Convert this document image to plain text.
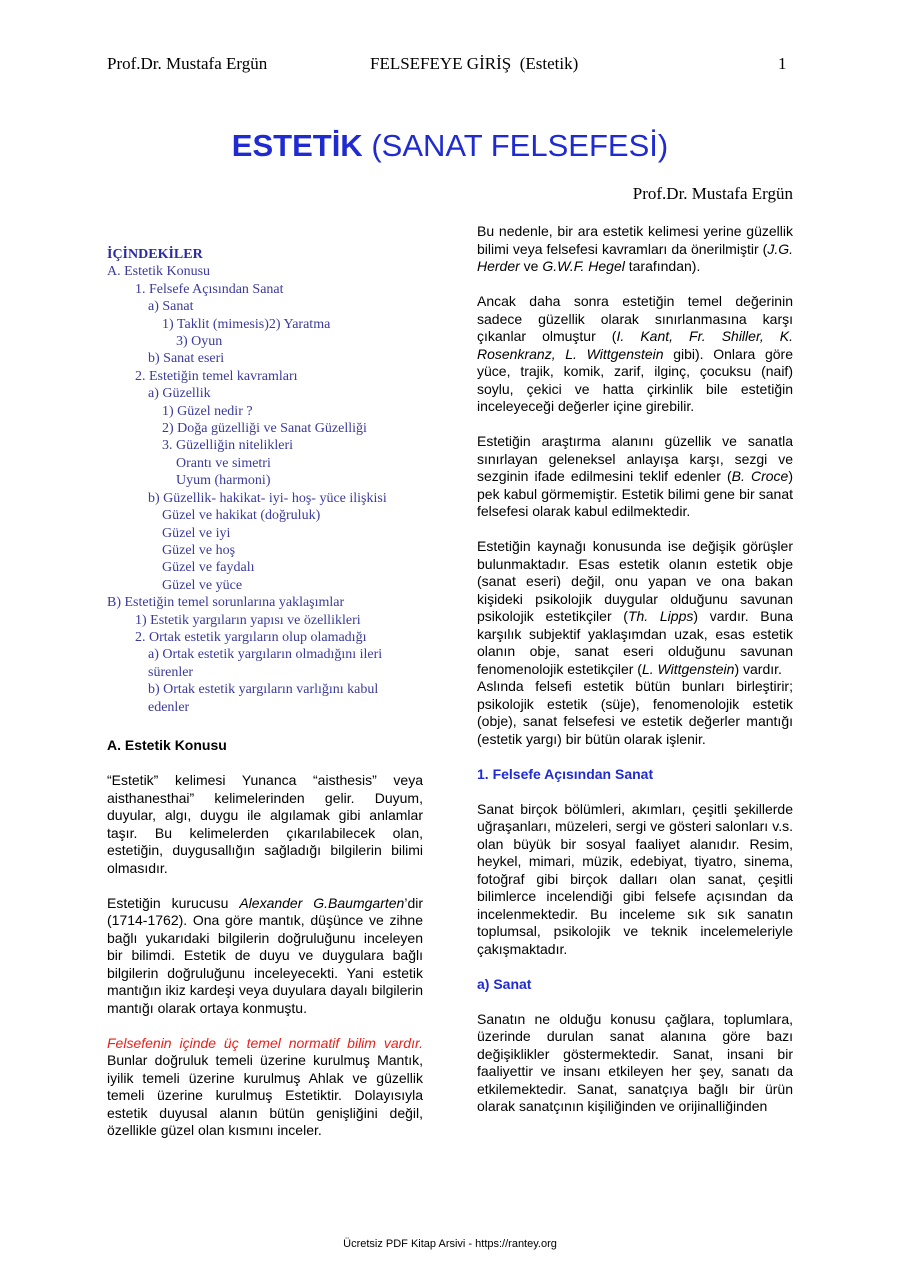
Prof.Dr. Mustafa Ergün	FELSEFEYE GİRİŞ  (Estetik)	1
ESTETİK (SANAT FELSEFESİ)
Prof.Dr. Mustafa Ergün
İÇİNDEKİLER
A. Estetik Konusu
1. Felsefe Açısından Sanat
a) Sanat
1) Taklit (mimesis)2) Yaratma
3) Oyun
b) Sanat eseri
2. Estetiğin temel kavramları
a) Güzellik
1) Güzel nedir ?
2) Doğa güzelliği ve Sanat Güzelliği
3. Güzelliğin nitelikleri
Orantı ve simetri
Uyum (harmoni)
b) Güzellik- hakikat- iyi- hoş- yüce ilişkisi
Güzel ve hakikat (doğruluk)
Güzel ve iyi
Güzel ve hoş
Güzel ve faydalı
Güzel ve yüce
B) Estetiğin temel sorunlarına yaklaşımlar
1) Estetik yargıların yapısı ve özellikleri
2. Ortak estetik yargıların olup olamadığı
a) Ortak estetik yargıların olmadığını ileri
sürenler
b) Ortak estetik yargıların varlığını kabul
edenler

A. Estetik Konusu

“Estetik” kelimesi Yunanca “aisthesis” veya aisthanesthai” kelimelerinden gelir. Duyum, duyular, algı, duygu ile algılamak gibi anlamlar taşır. Bu kelimelerden çıkarılabilecek olan, estetiğin, duygusallığın sağladığı bilgilerin bilimi olmasıdır.

Estetiğin kurucusu Alexander G.Baumgarten’dir (1714-1762). Ona göre mantık, düşünce ve zihne bağlı yukarıdaki bilgilerin doğruluğunu inceleyen bir bilimdi. Estetik de duyu ve duygulara bağlı bilgilerin doğruluğunu inceleyecekti. Yani estetik mantığın ikiz kardeşi veya duyulara dayalı bilgilerin mantığı olarak ortaya konmuştu.

Felsefenin içinde üç temel normatif bilim vardır. Bunlar doğruluk temeli üzerine kurulmuş Mantık, iyilik temeli üzerine kurulmuş Ahlak ve güzellik temeli üzerine kurulmuş Estetiktir. Dolayısıyla estetik duyusal alanın bütün genişliğini değil, özellikle güzel olan kısmını inceler.

Bu nedenle, bir ara estetik kelimesi yerine güzellik bilimi veya felsefesi kavramları da önerilmiştir (J.G. Herder ve G.W.F. Hegel tarafından).

Ancak daha sonra estetiğin temel değerinin sadece güzellik olarak sınırlanmasına karşı çıkanlar olmuştur (I. Kant, Fr. Shiller, K. Rosenkranz, L. Wittgenstein gibi). Onlara göre yüce, trajik, komik, zarif, ilginç, çocuksu (naif) soylu, çekici ve hatta çirkinlik bile estetiğin inceleyeceği değerler içine girebilir.

Estetiğin araştırma alanını güzellik ve sanatla sınırlayan geleneksel anlayışa karşı, sezgi ve sezginin ifade edilmesini teklif edenler (B. Croce) pek kabul görmemiştir. Estetik bilimi gene bir sanat felsefesi olarak kabul edilmektedir.

Estetiğin kaynağı konusunda ise değişik görüşler bulunmaktadır. Esas estetik olanın estetik obje (sanat eseri) değil, onu yapan ve ona bakan kişideki psikolojik duygular olduğunu savunan psikolojik estetikçiler (Th. Lipps) vardır. Buna karşılık subjektif yaklaşımdan uzak, esas estetik olanın obje, sanat eseri olduğunu savunan fenomenolojik estetikçiler (L. Wittgenstein) vardır.

Aslında felsefi estetik bütün bunları birleştirir; psikolojik estetik (süje), fenomenolojik estetik (obje), sanat felsefesi ve estetik değerler mantığı (estetik yargı) bir bütün olarak işlenir.

1. Felsefe Açısından Sanat

Sanat birçok bölümleri, akımları, çeşitli şekillerde uğraşanları, müzeleri, sergi ve gösteri salonları v.s. olan büyük bir sosyal faaliyet alanıdır. Resim, heykel, mimari, müzik, edebiyat, tiyatro, sinema, fotoğraf gibi birçok dalları olan sanat, çeşitli bilimlerce incelendiği gibi felsefe açısından da incelenmektedir. Bu inceleme sık sık sanatın toplumsal, psikolojik ve teknik incelemeleriyle çakışmaktadır.

a) Sanat

Sanatın ne olduğu konusu çağlara, toplumlara, üzerinde durulan sanat alanına göre bazı değişiklikler göstermektedir. Sanat, insani bir faaliyettir ve insanı etkileyen her şey, sanatı da etkilemektedir. Sanat, sanatçıya bağlı bir ürün olarak sanatçının kişiliğinden ve orijinalliğinden

Ücretsiz PDF Kitap Arsivi - https://rantey.org
